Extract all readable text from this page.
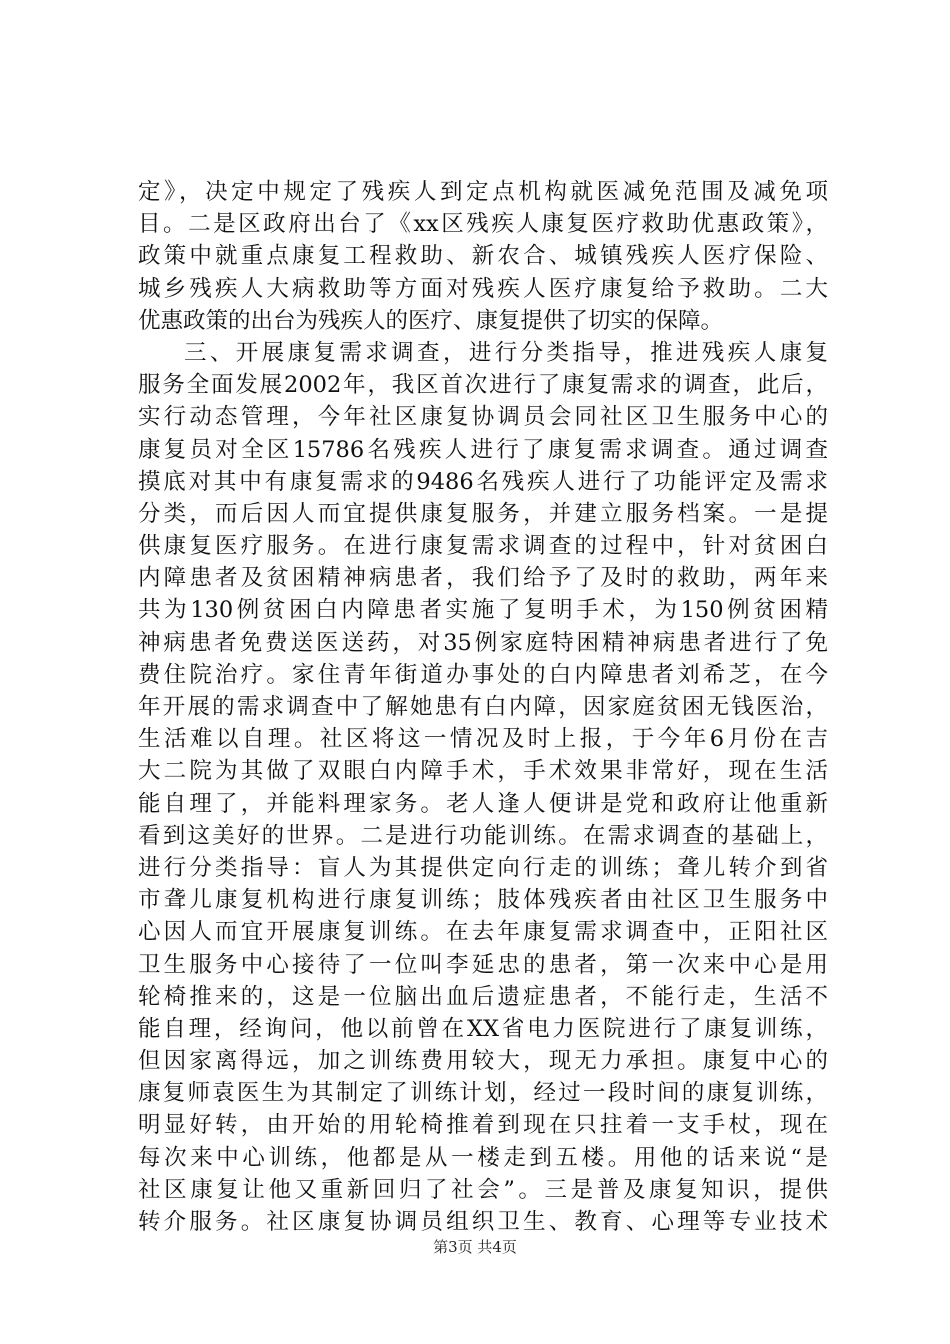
定》，决定中规定了残疾人到定点机构就医减免范围及减免项
目。二是区政府出台了《xx区残疾人康复医疗救助优惠政策》，
政策中就重点康复工程救助、新农合、城镇残疾人医疗保险、
城乡残疾人大病救助等方面对残疾人医疗康复给予救助。二大
优惠政策的出台为残疾人的医疗、康复提供了切实的保障。
三、开展康复需求调查，进行分类指导，推进残疾人康复
服务全面发展2002年，我区首次进行了康复需求的调查，此后，
实行动态管理，今年社区康复协调员会同社区卫生服务中心的
康复员对全区15786名残疾人进行了康复需求调查。通过调查
摸底对其中有康复需求的9486名残疾人进行了功能评定及需求
分类，而后因人而宜提供康复服务，并建立服务档案。一是提
供康复医疗服务。在进行康复需求调查的过程中，针对贫困白
内障患者及贫困精神病患者，我们给予了及时的救助，两年来
共为130例贫困白内障患者实施了复明手术，为150例贫困精
神病患者免费送医送药，对35例家庭特困精神病患者进行了免
费住院治疗。家住青年街道办事处的白内障患者刘希芝，在今
年开展的需求调查中了解她患有白内障，因家庭贫困无钱医治，
生活难以自理。社区将这一情况及时上报，于今年6月份在吉
大二院为其做了双眼白内障手术，手术效果非常好，现在生活
能自理了，并能料理家务。老人逢人便讲是党和政府让他重新
看到这美好的世界。二是进行功能训练。在需求调查的基础上，
进行分类指导：盲人为其提供定向行走的训练；聋儿转介到省
市聋儿康复机构进行康复训练；肢体残疾者由社区卫生服务中
心因人而宜开展康复训练。在去年康复需求调查中，正阳社区
卫生服务中心接待了一位叫李延忠的患者，第一次来中心是用
轮椅推来的，这是一位脑出血后遗症患者，不能行走，生活不
能自理，经询问，他以前曾在XX省电力医院进行了康复训练，
但因家离得远，加之训练费用较大，现无力承担。康复中心的
康复师袁医生为其制定了训练计划，经过一段时间的康复训练，
明显好转，由开始的用轮椅推着到现在只拄着一支手杖，现在
每次来中心训练，他都是从一楼走到五楼。用他的话来说“是
社区康复让他又重新回归了社会”。三是普及康复知识，提供
转介服务。社区康复协调员组织卫生、教育、心理等专业技术
第3页 共4页
